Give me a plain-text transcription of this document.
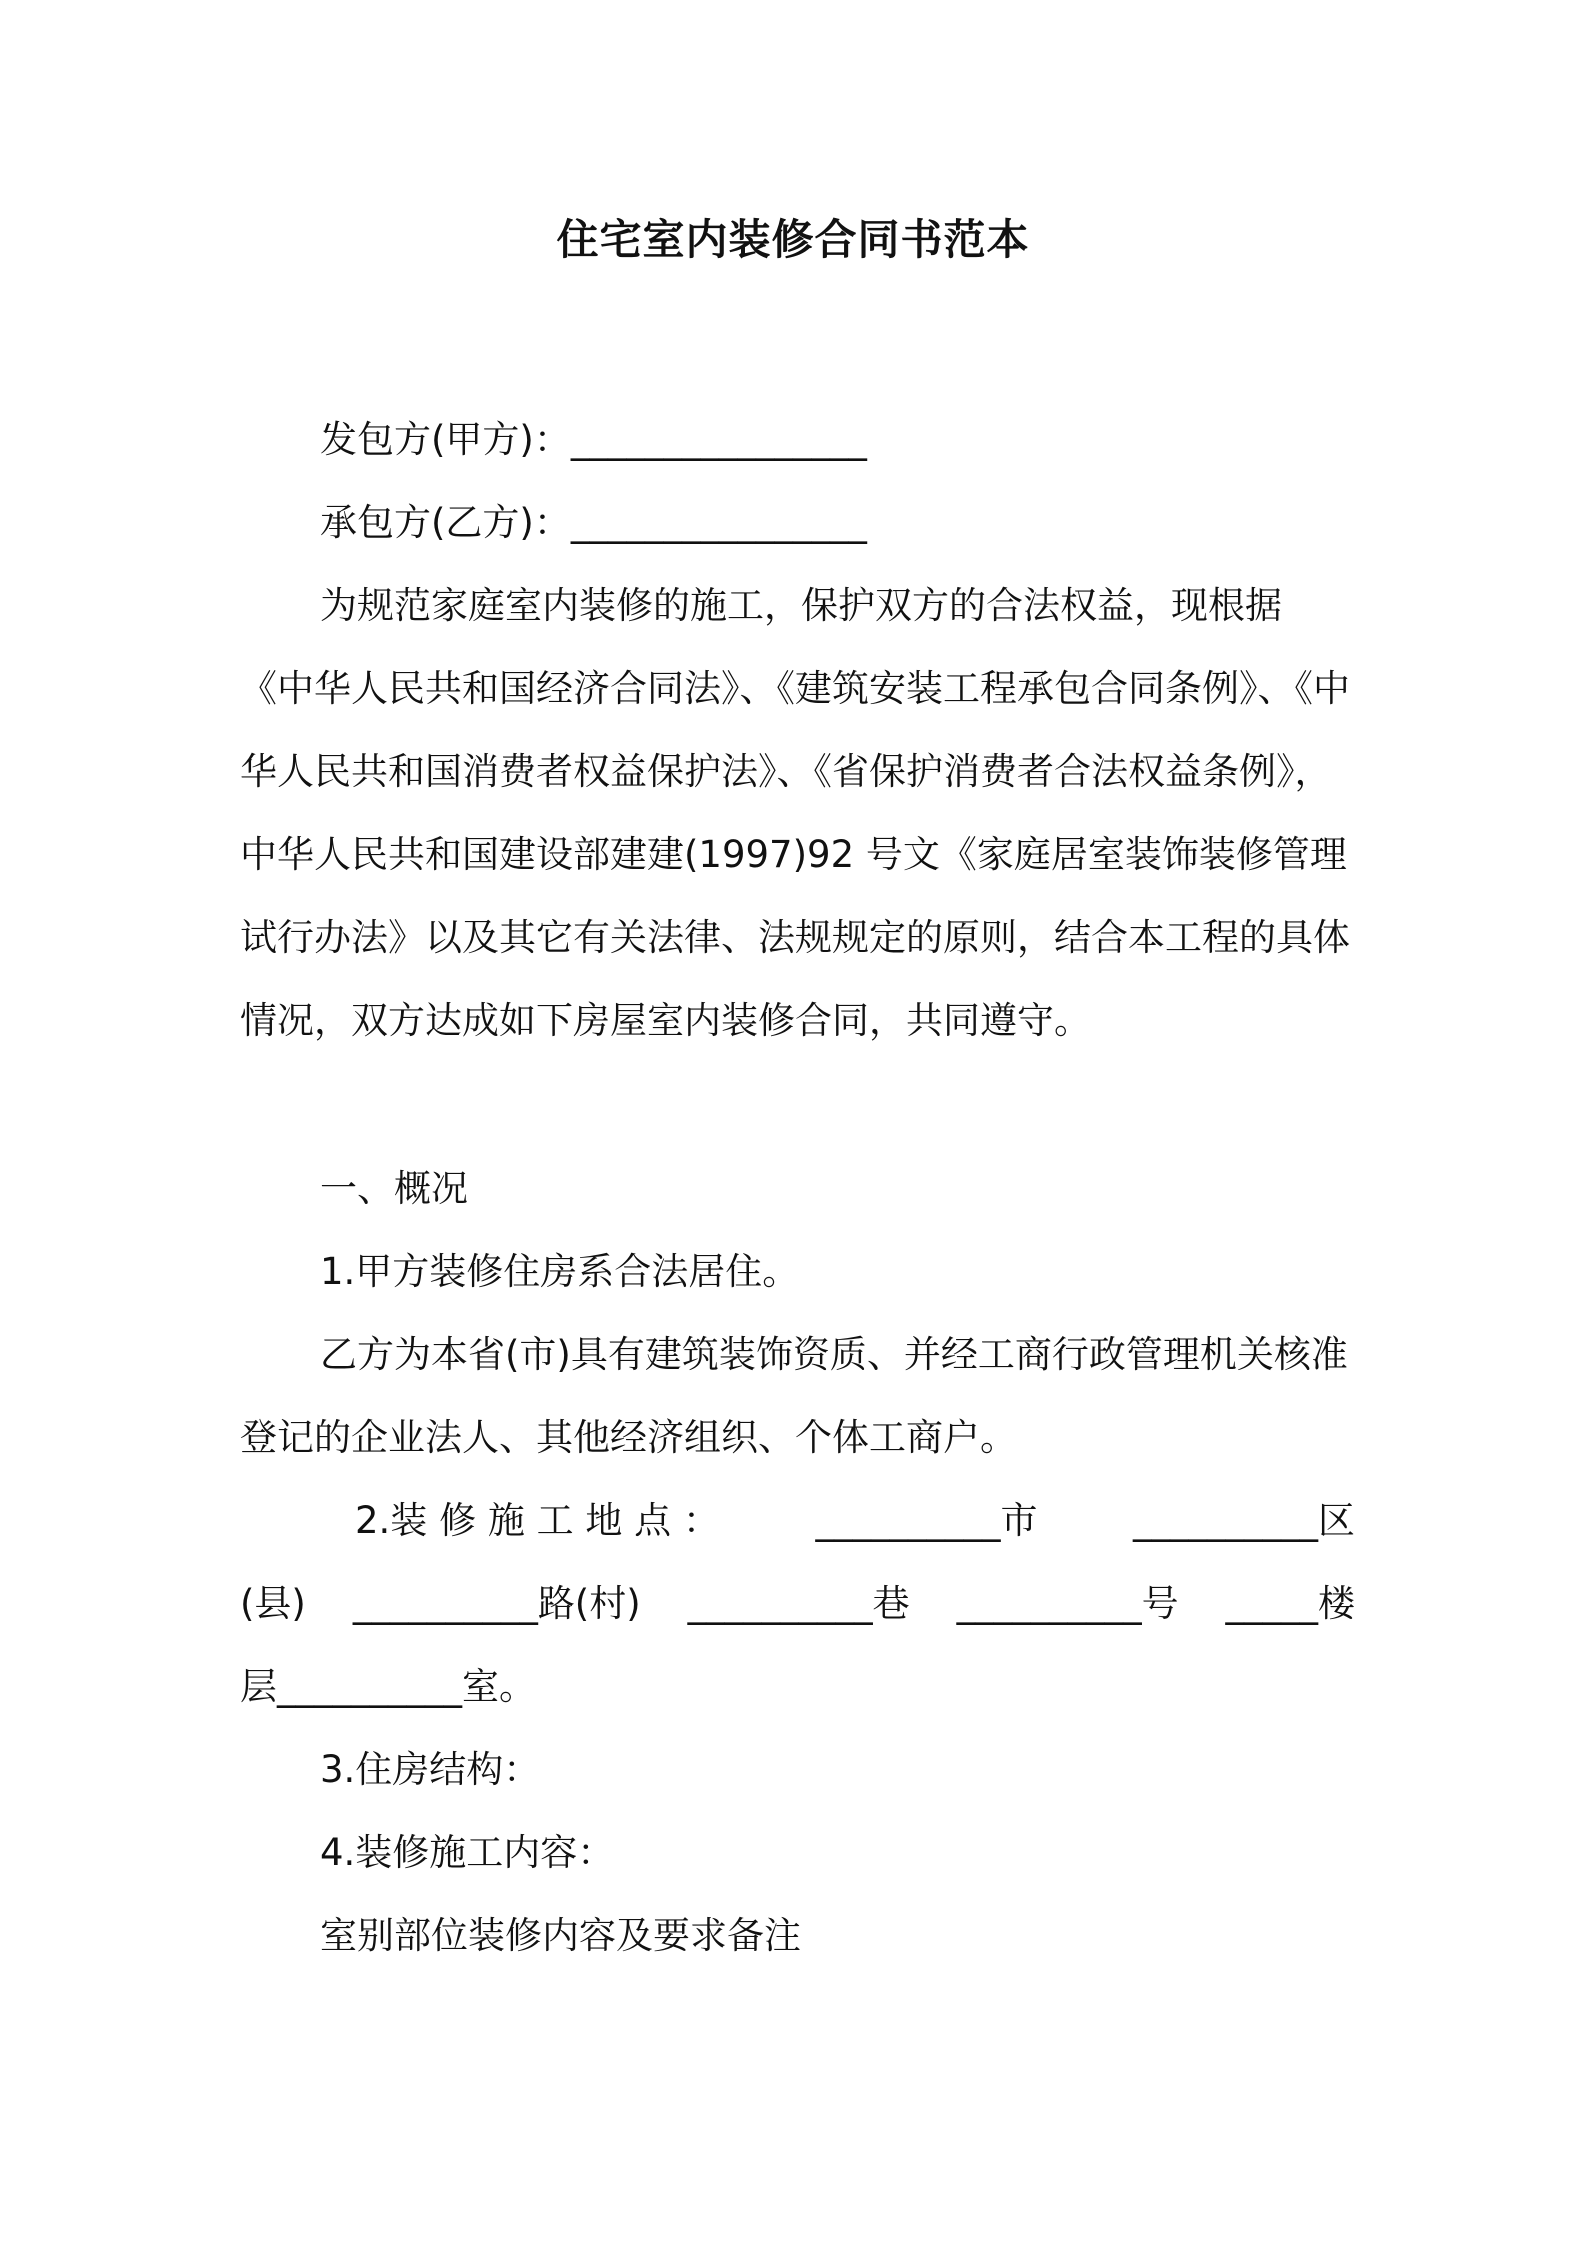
住宅室内装修合同书范本
发包方(甲方)：________________
承包方(乙方)：________________

为规范家庭室内装修的施工，保护双方的合法权益，现根据《中华人民共和国经济合同法》、《建筑安装工程承包合同条例》、《中华人民共和国消费者权益保护法》、《省保护消费者合法权益条例》，中华人民共和国建设部建建(1997)92 号文《家庭居室装饰装修管理试行办法》以及其它有关法律、法规规定的原则，结合本工程的具体情况，双方达成如下房屋室内装修合同，共同遵守。

一、概况
1.甲方装修住房系合法居住。

乙方为本省(市)具有建筑装饰资质、并经工商行政管理机关核准登记的企业法人、其他经济组织、个体工商户。

2.装 修 施 工 地 点 ：	__________市	__________区
(县) __________路(村) __________巷 __________号 _____楼
层__________室。
3.住房结构：
4.装修施工内容：
室别部位装修内容及要求备注
